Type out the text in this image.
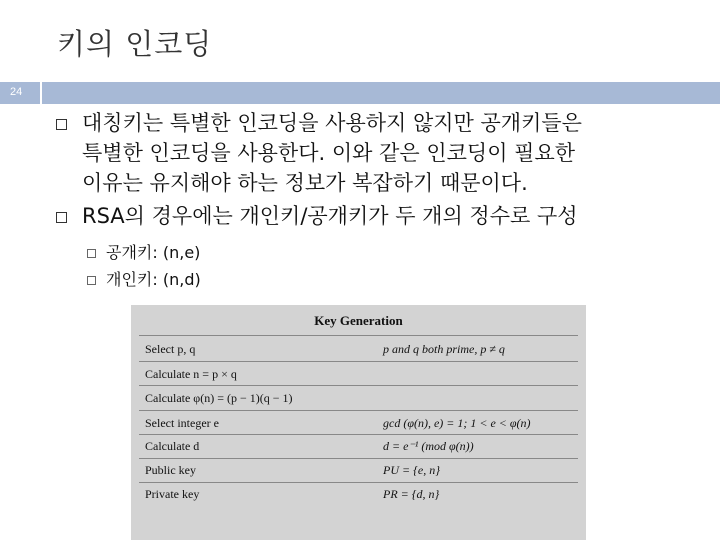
키의 인코딩
24
대칭키는 특별한 인코딩을 사용하지 않지만 공개키들은
특별한 인코딩을 사용한다. 이와 같은 인코딩이 필요한
이유는 유지해야 하는 정보가 복잡하기 때문이다.
RSA의 경우에는 개인키/공개키가 두 개의 정수로 구성
공개키: (n,e)
개인키: (n,d)
Key Generation
Select p, q	p and q both prime, p ≠ q
Calculate n = p × q
Calculate φ(n) = (p − 1)(q − 1)
Select integer e	gcd (φ(n), e) = 1; 1 < e < φ(n)
Calculate d	d = e⁻¹ (mod φ(n))
Public key	PU = {e, n}
Private key	PR = {d, n}
